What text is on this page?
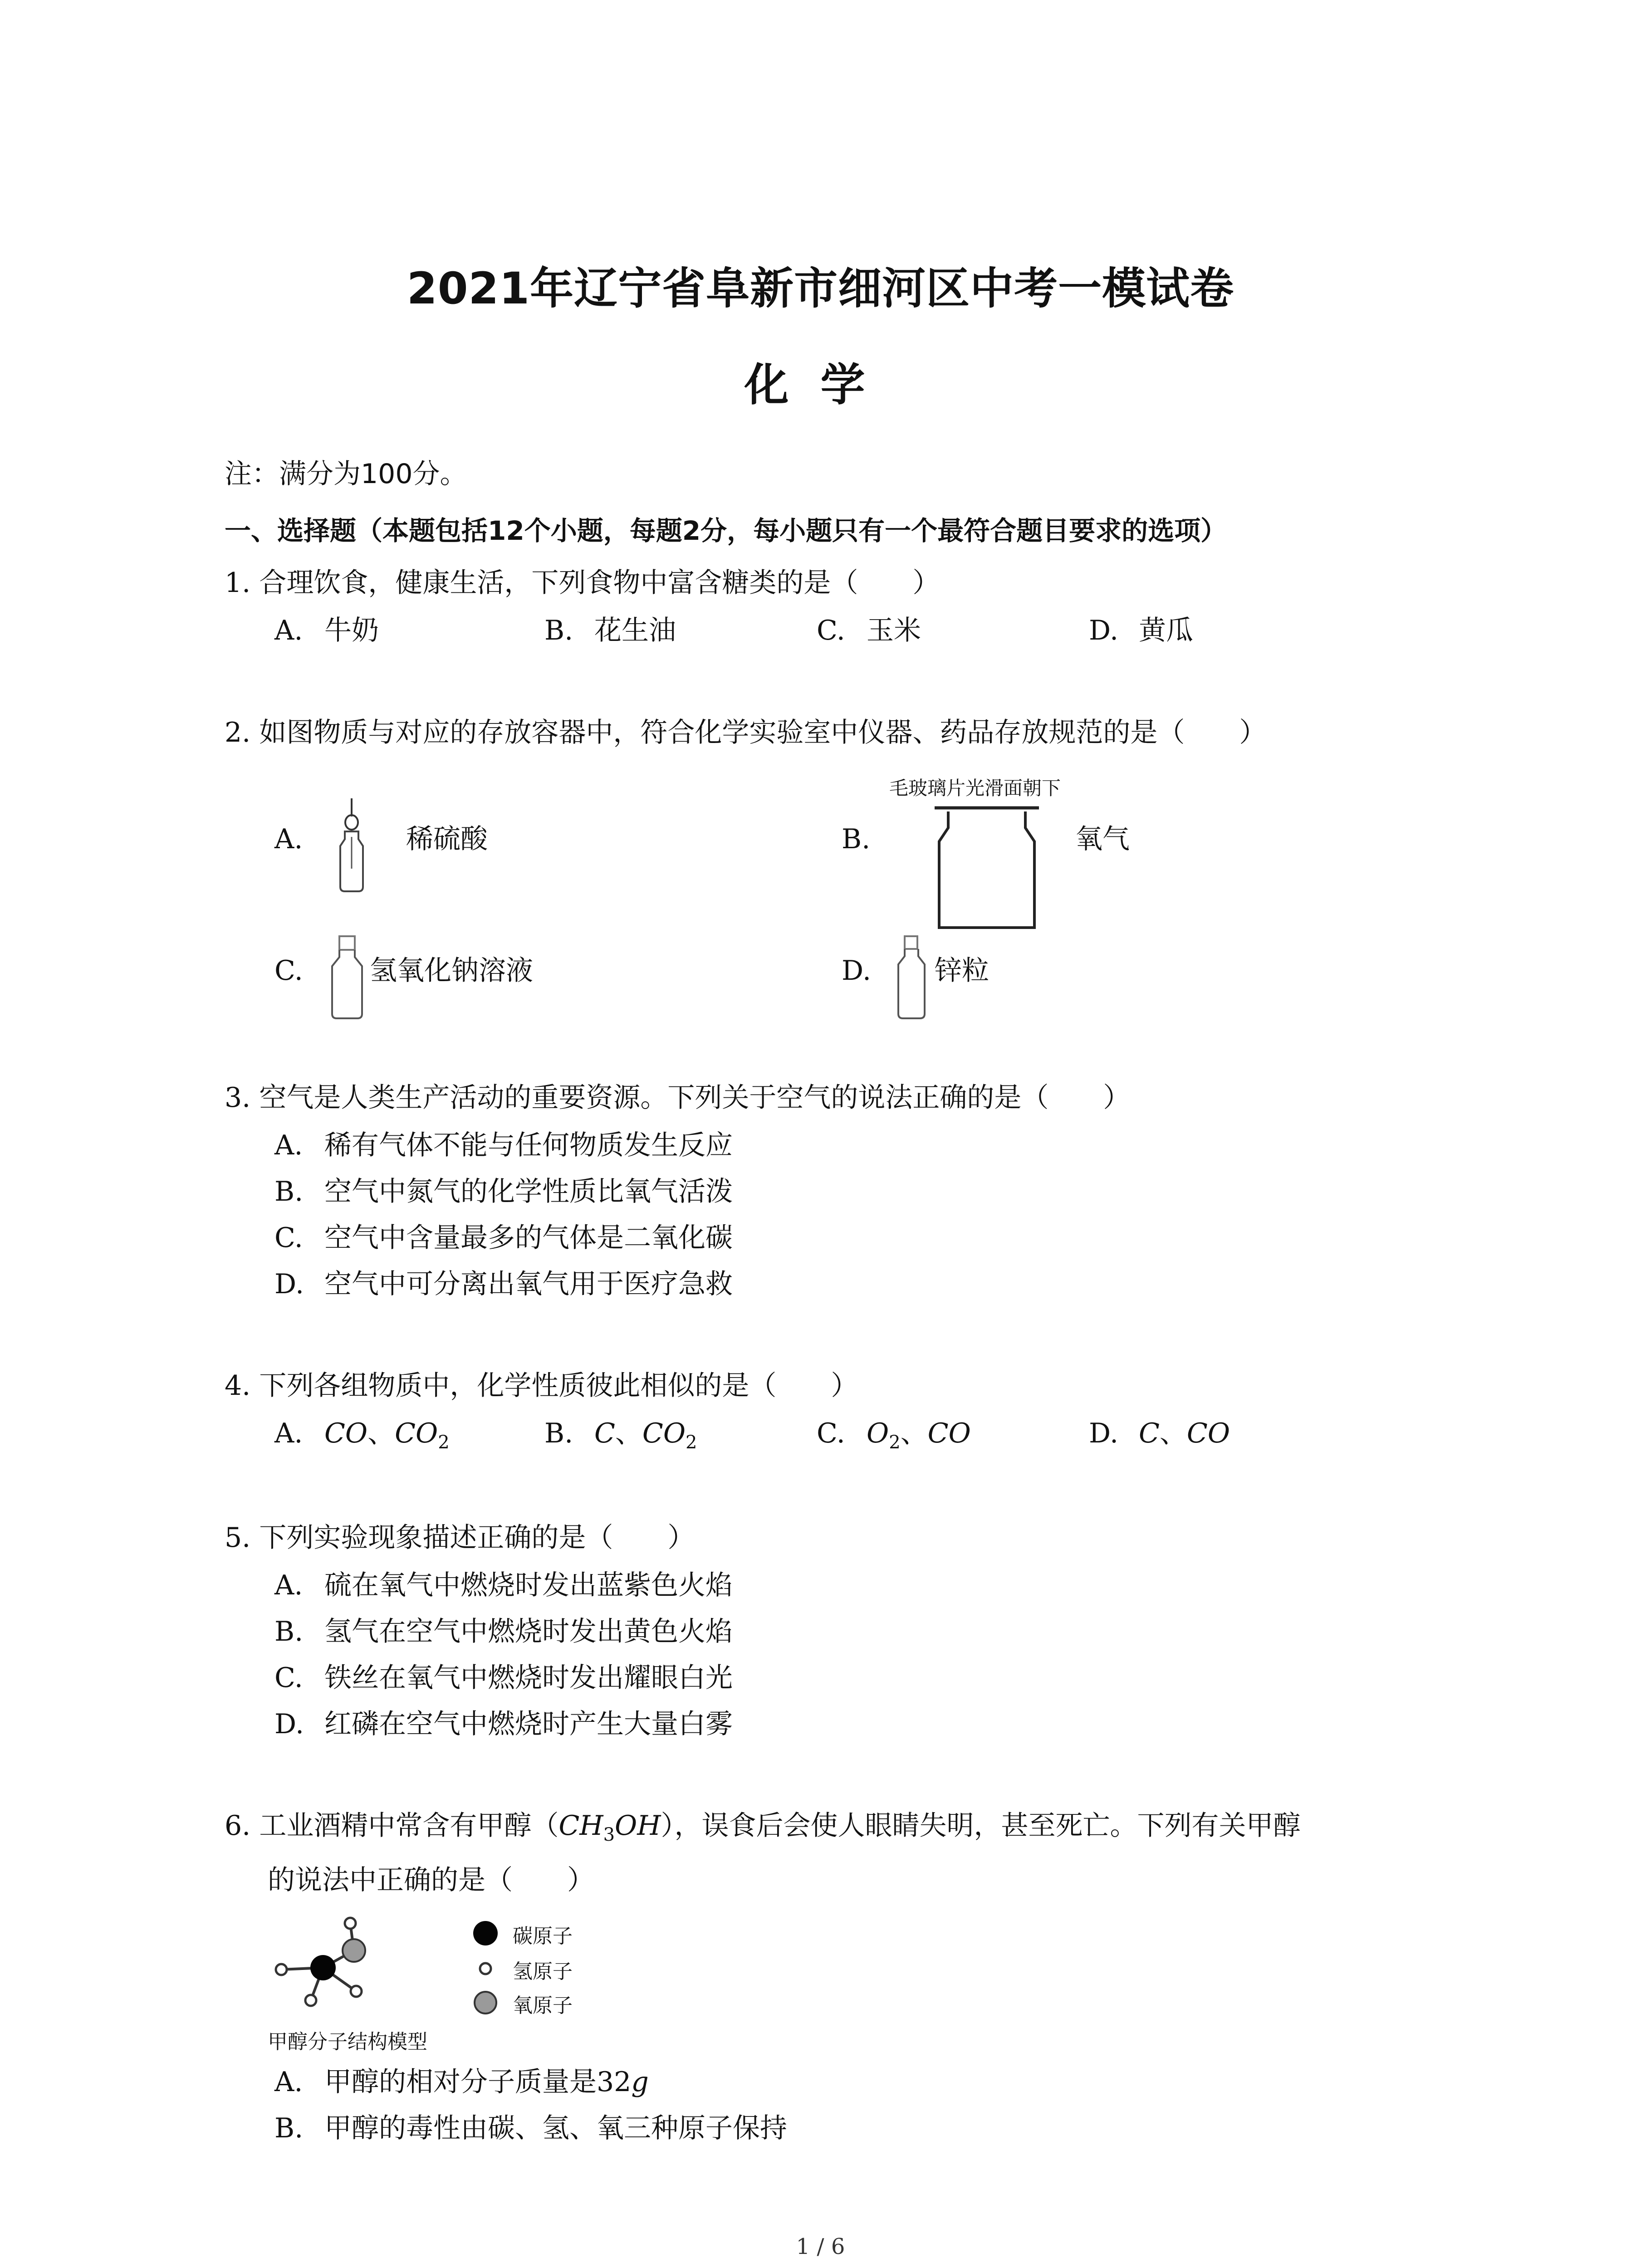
2021年辽宁省阜新市细河区中考一模试卷
化学
注：满分为100分。
一、选择题（本题包括12个小题，每题2分，每小题只有一个最符合题目要求的选项）
1. 合理饮食，健康生活，下列食物中富含糖类的是（　　）
A. 牛奶	B. 花生油	C. 玉米	D. 黄瓜
2. 如图物质与对应的存放容器中，符合化学实验室中仪器、药品存放规范的是（　　）
毛玻璃片光滑面朝下
A.	稀硫酸	B.	氧气
C. 氢氧化钠溶液	D. 锌粒
3. 空气是人类生产活动的重要资源。下列关于空气的说法正确的是（　　）
A. 稀有气体不能与任何物质发生反应
B. 空气中氮气的化学性质比氧气活泼
C. 空气中含量最多的气体是二氧化碳
D. 空气中可分离出氧气用于医疗急救
4. 下列各组物质中，化学性质彼此相似的是（　　）
A. CO、$CO_2$	B. C、$CO_2$	C. $O_2$、CO	D. C、CO
5. 下列实验现象描述正确的是（　　）
A. 硫在氧气中燃烧时发出蓝紫色火焰
B. 氢气在空气中燃烧时发出黄色火焰
C. 铁丝在氧气中燃烧时发出耀眼白光
D. 红磷在空气中燃烧时产生大量白雾
6. 工业酒精中常含有甲醇$(CH_3OH)$，误食后会使人眼睛失明，甚至死亡。下列有关甲醇
的说法中正确的是（　　）
碳原子
氢原子
氧原子
甲醇分子结构模型
A. 甲醇的相对分子质量是32g
B. 甲醇的毒性由碳、氢、氧三种原子保持
1 / 6
